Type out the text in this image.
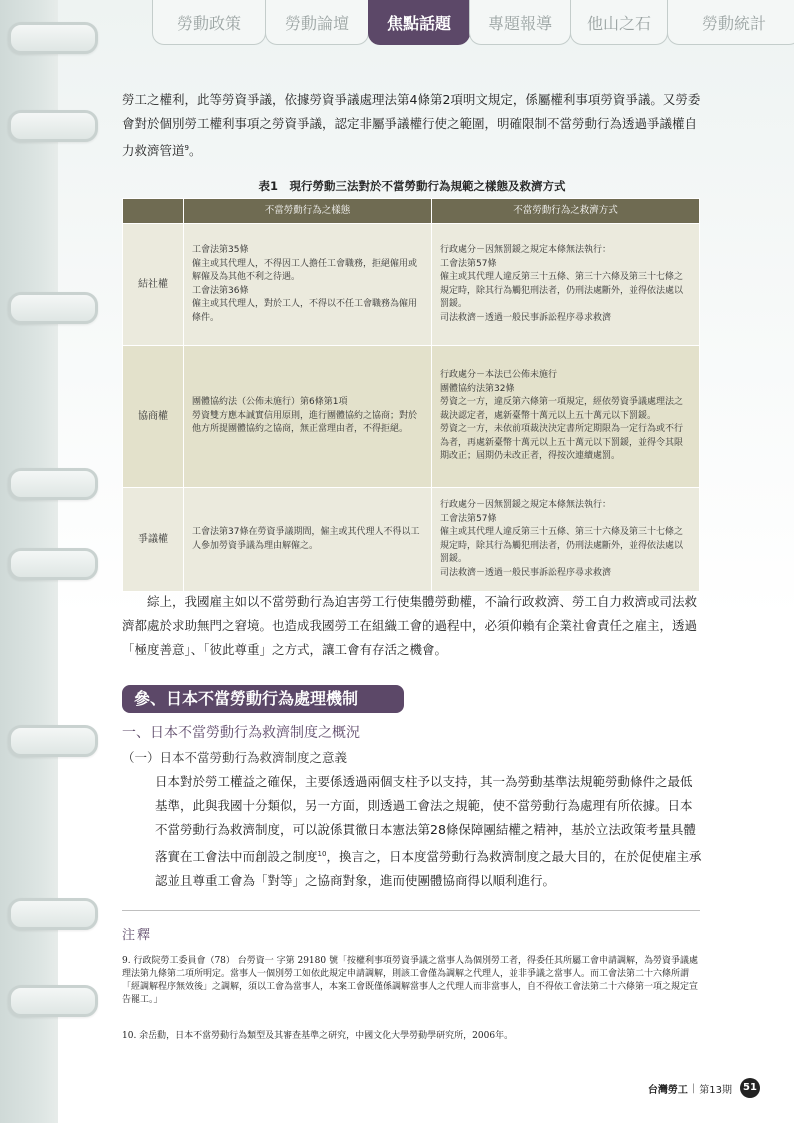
勞動政策	勞動論壇	焦點話題	專題報導	他山之石	勞動統計

勞工之權利，此等勞資爭議，依據勞資爭議處理法第4條第2項明文規定，係屬權利事項勞資爭議。又勞委會對於個別勞工權利事項之勞資爭議，認定非屬爭議權行使之範圍，明確限制不當勞動行為透過爭議權自力救濟管道$^9$。

表1　現行勞動三法對於不當勞動行為規範之樣態及救濟方式
	不當勞動行為之樣態	不當勞動行為之救濟方式
結社權	工會法第35條
僱主或其代理人，不得因工人擔任工會職務，拒絕僱用或解僱及為其他不利之待遇。
工會法第36條
僱主或其代理人，對於工人，不得以不任工會職務為僱用條件。	行政處分－因無罰鍰之規定本條無法執行：
工會法第57條
僱主或其代理人違反第三十五條、第三十六條及第三十七條之規定時，除其行為觸犯刑法者，仍刑法處斷外，並得依法處以罰鍰。
司法救濟－透過一般民事訴訟程序尋求救濟
協商權	團體協約法（公佈未施行）第6條第1項
勞資雙方應本誠實信用原則，進行團體協約之協商；對於他方所提團體協約之協商，無正當理由者，不得拒絕。	行政處分－本法已公佈未施行
團體協約法第32條
勞資之一方，違反第六條第一項規定，經依勞資爭議處理法之裁決認定者，處新臺幣十萬元以上五十萬元以下罰鍰。
勞資之一方，未依前項裁決決定書所定期限為一定行為或不行為者，再處新臺幣十萬元以上五十萬元以下罰鍰，並得令其限期改正；屆期仍未改正者，得按次連續處罰。
爭議權	工會法第37條在勞資爭議期間，僱主或其代理人不得以工人參加勞資爭議為理由解僱之。	行政處分－因無罰鍰之規定本條無法執行：
工會法第57條
僱主或其代理人違反第三十五條、第三十六條及第三十七條之規定時，除其行為觸犯刑法者，仍刑法處斷外，並得依法處以罰鍰。
司法救濟－透過一般民事訴訟程序尋求救濟

綜上，我國雇主如以不當勞動行為迫害勞工行使集體勞動權，不論行政救濟、勞工自力救濟或司法救濟都處於求助無門之窘境。也造成我國勞工在組織工會的過程中，必須仰賴有企業社會責任之雇主，透過「極度善意」、「彼此尊重」之方式，讓工會有存活之機會。

參、日本不當勞動行為處理機制
一、日本不當勞動行為救濟制度之概況
（一）日本不當勞動行為救濟制度之意義

日本對於勞工權益之確保，主要係透過兩個支柱予以支持，其一為勞動基準法規範勞動條件之最低基準，此與我國十分類似，另一方面，則透過工會法之規範，使不當勞動行為處理有所依據。日本不當勞動行為救濟制度，可以說係貫徹日本憲法第28條保障團結權之精神，基於立法政策考量具體落實在工會法中而創設之制度$^{10}$，換言之，日本度當勞動行為救濟制度之最大目的，在於促使雇主承認並且尊重工會為「對等」之協商對象，進而使團體協商得以順利進行。

注釋
9. 行政院勞工委員會（78） 台勞資一 字第 29180 號「按權利事項勞資爭議之當事人為個別勞工者，得委任其所屬工會申請調解，為勞資爭議處理法第九條第二項所明定。當事人一個別勞工如依此規定申請調解，則該工會僅為調解之代理人，並非爭議之當事人。而工會法第二十六條所謂「經調解程序無效後」之調解，須以工會為當事人，本案工會既僅係調解當事人之代理人而非當事人，自不得依工會法第二十六條第一項之規定宣告罷工。」
10. 余岳勳，日本不當勞動行為類型及其審查基準之研究，中國文化大學勞動學研究所，2006年。
台灣勞工 | 第13期	51
